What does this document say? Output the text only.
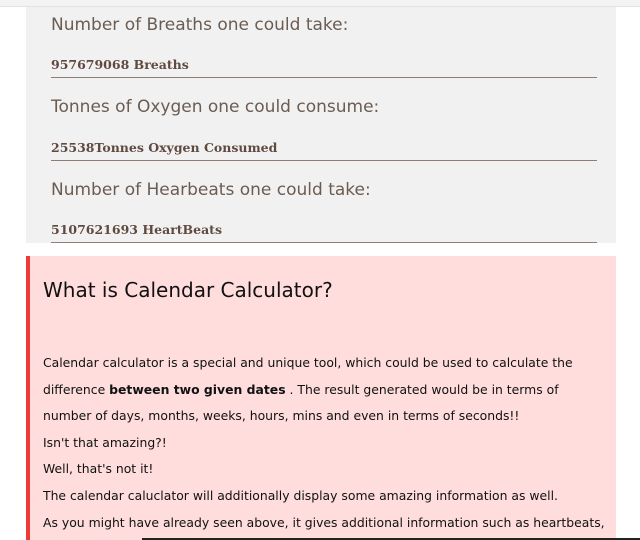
Number of Breaths one could take:
957679068 Breaths
Tonnes of Oxygen one could consume:
25538Tonnes Oxygen Consumed
Number of Hearbeats one could take:
5107621693 HeartBeats
What is Calendar Calculator?

Calendar calculator is a special and unique tool, which could be used to calculate the

difference between two given dates . The result generated would be in terms of

number of days, months, weeks, hours, mins and even in terms of seconds!!

Isn't that amazing?!

Well, that's not it!

The calendar caluclator will additionally display some amazing information as well.

As you might have already seen above, it gives additional information such as heartbeats,
